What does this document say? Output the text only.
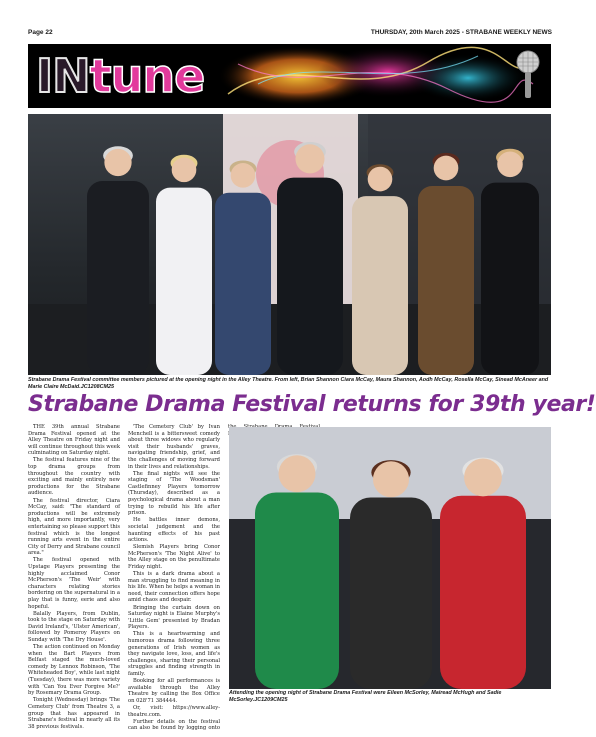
Page 22	THURSDAY, 20th March 2025 - STRABANE WEEKLY NEWS
INtune
Strabane Drama Festival committee members pictured at the opening night in the Alley Theatre. From left, Brian Shannon Ciara McCay, Maura Shannon, Aodh McCay, Rosella McCay, Sinead McAneer and Marie Claire McDaid.JC1208CM25
Strabane Drama Festival returns for 39th year!

THE 39th annual Strabane Drama Festival opened at the Alley Theatre on Friday night and will continue throughout this week culminating on Saturday night.

The festival features nine of the top drama groups from throughout the country with exciting and mainly entirely new productions for the Strabane audience.

The festival director, Ciara McCay, said: "The standard of productions will be extremely high, and more importantly, very entertaining so please support this festival which is the longest running arts event in the entire City of Derry and Strabane council area."

The festival opened with Upstage Players presenting the highly acclaimed Conor McPherson's 'The Weir' with characters relating stories bordering on the supernatural in a play that is funny, eerie and also hopeful.

Balally Players, from Dublin, took to the stage on Saturday with David Ireland's, 'Ulster American', followed by Pomeroy Players on Sunday with 'The Dry House'.

The action continued on Monday when the Bart Players from Belfast staged the much-loved comedy by Lennox Robinson, 'The Whiteheaded Boy', while last night (Tuesday), there was more variety with 'Can You Ever Forgive Me?' by Rosemary Drama Group.

Tonight (Wednesday) brings 'The Cemetery Club' from Theatre 3, a group that has appeared in Strabane's festival in nearly all its 38 previous festivals.

'The Cemetery Club' by Ivan Menchell is a bittersweet comedy about three widows who regularly visit their husbands' graves, navigating friendship, grief, and the challenges of moving forward in their lives and relationships.

The final nights will see the staging of 'The Woodsman' Castlefinney Players tomorrow (Thursday), described as a psychological drama about a man trying to rebuild his life after prison.

He battles inner demons, societal judgement and the haunting effects of his past actions.

Slemish Players bring Conor McPherson's 'The Night Alive' to the Alley stage on the penultimate Friday night.

This is a dark drama about a man struggling to find meaning in his life. When he helps a woman in need, their connection offers hope amid chaos and despair.

Bringing the curtain down on Saturday night is Elaine Murphy's 'Little Gem' presented by Bradan Players.

This is a heartwarming and humorous drama following three generations of Irish women as they navigate love, loss, and life's challenges, sharing their personal struggles and finding strength in family.

Booking for all performances is available through the Alley Theatre by calling the Box Office on 028'71 384444.

Or, visit: https://www.alley-theatre.com.

Further details on the festival can also be found by logging onto

Attending the opening night of Strabane Drama Festival were Eileen McSorley, Mairead McHugh and Sadie McSorley.JC1209CM25
